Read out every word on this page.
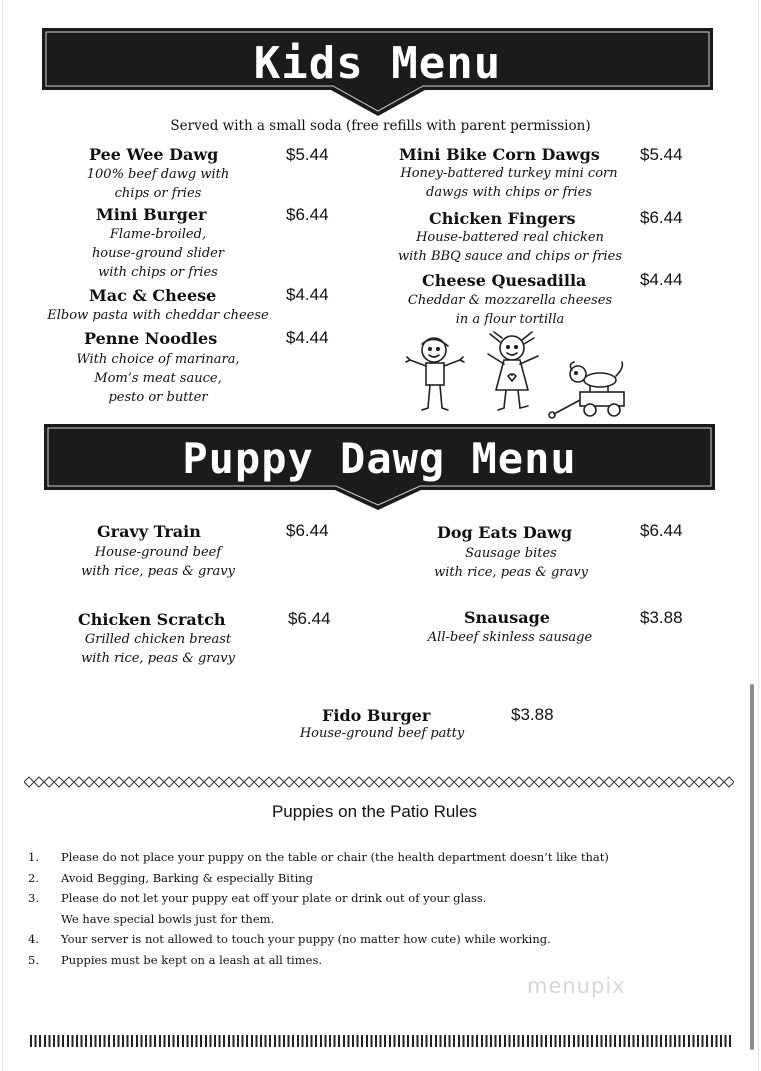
Kids Menu
Served with a small soda (free refills with parent permission)
Pee Wee Dawg	$5.44
100% beef dawg with
chips or fries
Mini Burger	$6.44
Flame-broiled,
house-ground slider
with chips or fries
Mac & Cheese	$4.44
Elbow pasta with cheddar cheese
Penne Noodles	$4.44
With choice of marinara,
Mom’s meat sauce,
pesto or butter
Mini Bike Corn Dawgs $5.44
Honey-battered turkey mini corn
dawgs with chips or fries
Chicken Fingers	$6.44
House-battered real chicken
with BBQ sauce and chips or fries
Cheese Quesadilla	$4.44
Cheddar & mozzarella cheeses
in a flour tortilla
Puppy Dawg Menu
Gravy Train	$6.44
House-ground beef
with rice, peas & gravy
Chicken Scratch	$6.44
Grilled chicken breast
with rice, peas & gravy
Dog Eats Dawg	$6.44
Sausage bites
with rice, peas & gravy
Snausage	$3.88
All-beef skinless sausage
Fido Burger	$3.88
House-ground beef patty
Puppies on the Patio Rules
1. Please do not place your puppy on the table or chair (the health department doesn’t like that)
2. Avoid Begging, Barking & especially Biting
3. Please do not let your puppy eat off your plate or drink out of your glass.
We have special bowls just for them.
4. Your server is not allowed to touch your puppy (no matter how cute) while working.
5. Puppies must be kept on a leash at all times.
menupix
